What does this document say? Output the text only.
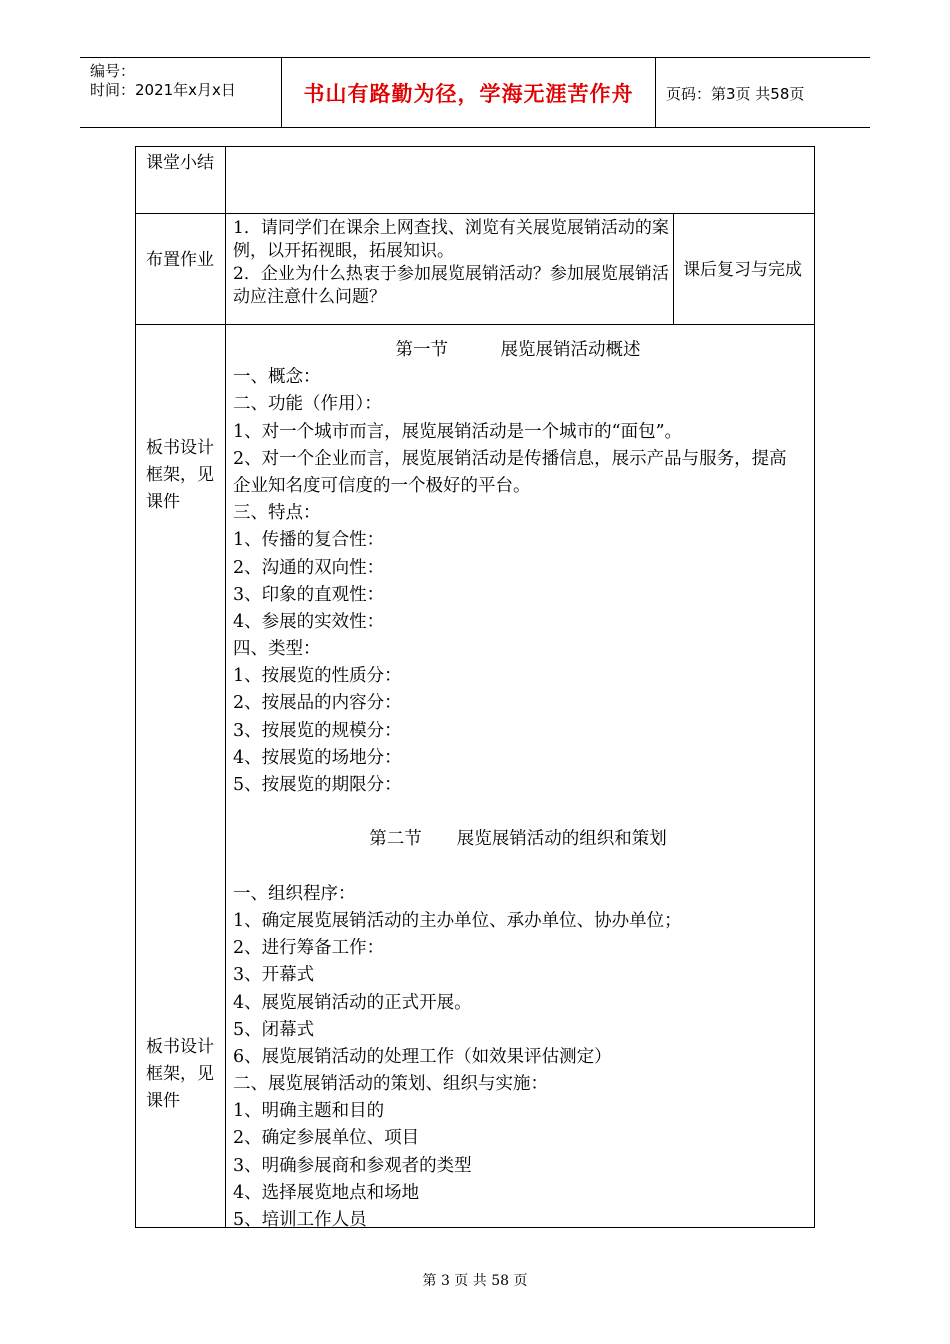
编号：
时间：2021年x月x日	书山有路勤为径，学海无涯苦作舟 页码：第3页 共58页
课堂小结
布置作业
1．请同学们在课余上网查找、浏览有关展览展销活动的案例，以开拓视眼，拓展知识。
2．企业为什么热衷于参加展览展销活动？参加展览展销活动应注意什么问题？
课后复习与完成
板书设计框架，见课件
板书设计框架，见课件
第一节　　　展览展销活动概述
一、概念：
二、功能（作用）：
1、对一个城市而言，展览展销活动是一个城市的“面包”。
2、对一个企业而言，展览展销活动是传播信息，展示产品与服务，提高企业知名度可信度的一个极好的平台。
三、特点：
1、传播的复合性：
2、沟通的双向性：
3、印象的直观性：
4、参展的实效性：
四、类型：
1、按展览的性质分：
2、按展品的内容分：
3、按展览的规模分：
4、按展览的场地分：
5、按展览的期限分：
第二节　　展览展销活动的组织和策划
一、组织程序：
1、确定展览展销活动的主办单位、承办单位、协办单位；
2、进行筹备工作：
3、开幕式
4、展览展销活动的正式开展。
5、闭幕式
6、展览展销活动的处理工作（如效果评估测定）
二、展览展销活动的策划、组织与实施：
1、明确主题和目的
2、确定参展单位、项目
3、明确参展商和参观者的类型
4、选择展览地点和场地
5、培训工作人员
第 3 页 共 58 页
